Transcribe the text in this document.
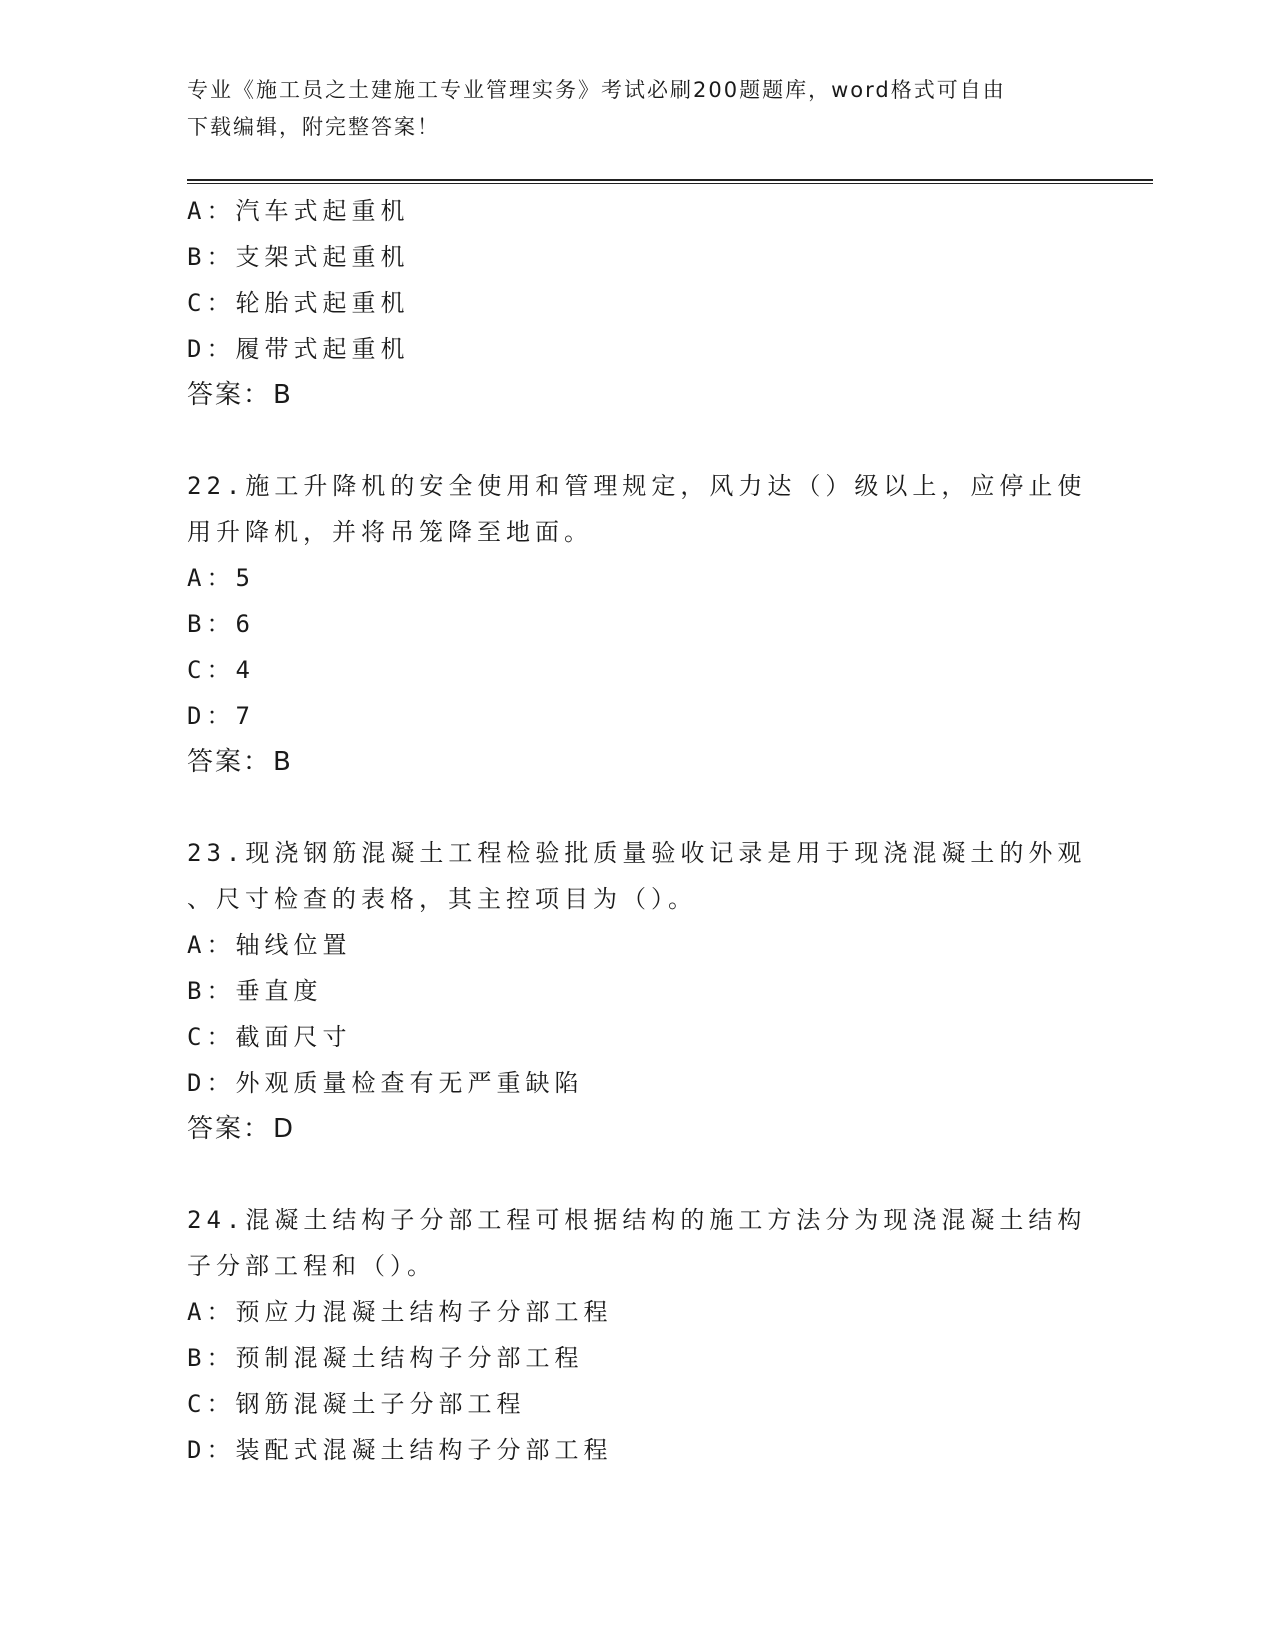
专业《施工员之土建施工专业管理实务》考试必刷200题题库，word格式可自由
下载编辑，附完整答案！
A：汽车式起重机
B：支架式起重机
C：轮胎式起重机
D：履带式起重机
答案：B
22.施工升降机的安全使用和管理规定，风力达（）级以上，应停止使
用升降机，并将吊笼降至地面。
A：5
B：6
C：4
D：7
答案：B
23.现浇钢筋混凝土工程检验批质量验收记录是用于现浇混凝土的外观
、尺寸检查的表格，其主控项目为（）。
A：轴线位置
B：垂直度
C：截面尺寸
D：外观质量检查有无严重缺陷
答案：D
24.混凝土结构子分部工程可根据结构的施工方法分为现浇混凝土结构
子分部工程和（）。
A：预应力混凝土结构子分部工程
B：预制混凝土结构子分部工程
C：钢筋混凝土子分部工程
D：装配式混凝土结构子分部工程
